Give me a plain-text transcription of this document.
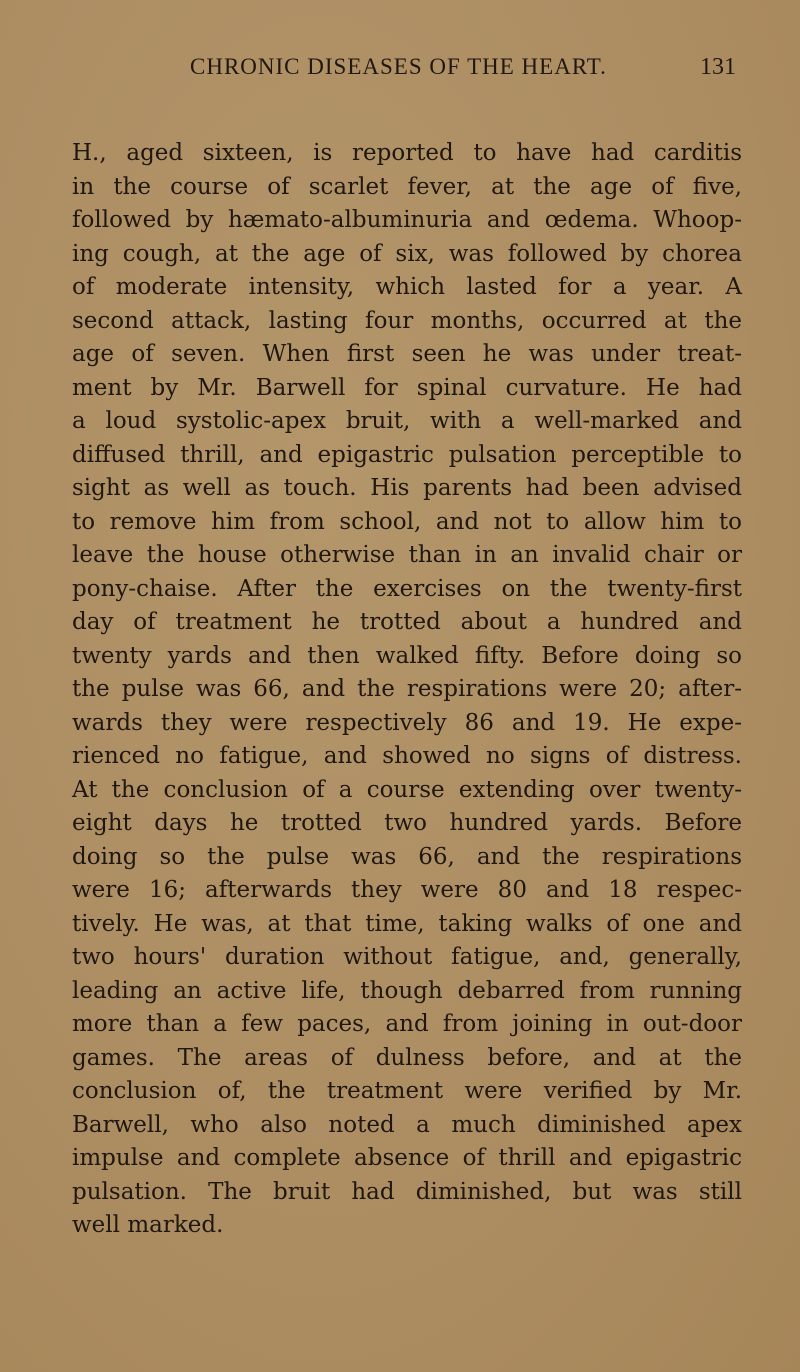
CHRONIC DISEASES OF THE HEART.	131
H., aged sixteen, is reported to have had carditis
in the course of scarlet fever, at the age of five,
followed by hæmato-albuminuria and œdema. Whoop-
ing cough, at the age of six, was followed by chorea
of moderate intensity, which lasted for a year. A
second attack, lasting four months, occurred at the
age of seven. When first seen he was under treat-
ment by Mr. Barwell for spinal curvature. He had
a loud systolic-apex bruit, with a well-marked and
diffused thrill, and epigastric pulsation perceptible to
sight as well as touch. His parents had been advised
to remove him from school, and not to allow him to
leave the house otherwise than in an invalid chair or
pony-chaise. After the exercises on the twenty-first
day of treatment he trotted about a hundred and
twenty yards and then walked fifty. Before doing so
the pulse was 66, and the respirations were 20; after-
wards they were respectively 86 and 19. He expe-
rienced no fatigue, and showed no signs of distress.
At the conclusion of a course extending over twenty-
eight days he trotted two hundred yards. Before
doing so the pulse was 66, and the respirations
were 16; afterwards they were 80 and 18 respec-
tively. He was, at that time, taking walks of one and
two hours' duration without fatigue, and, generally,
leading an active life, though debarred from running
more than a few paces, and from joining in out-door
games. The areas of dulness before, and at the
conclusion of, the treatment were verified by Mr.
Barwell, who also noted a much diminished apex
impulse and complete absence of thrill and epigastric
pulsation. The bruit had diminished, but was still
well marked.
